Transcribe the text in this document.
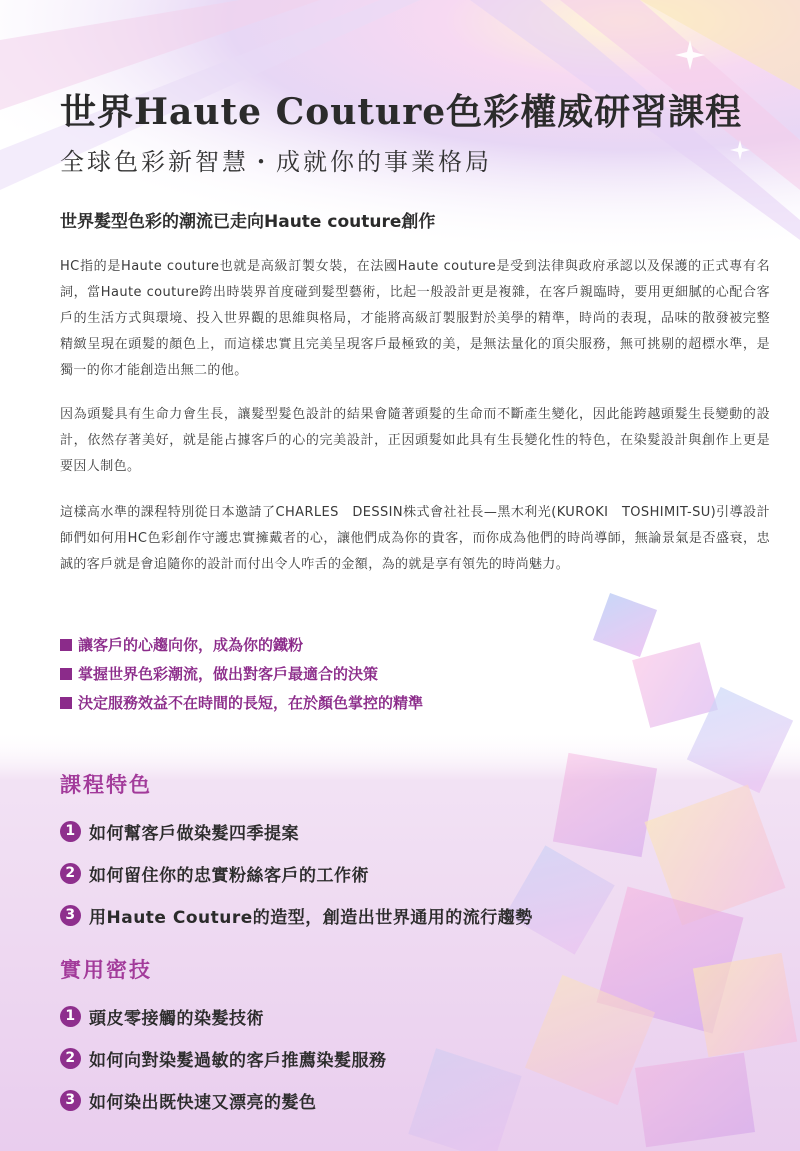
世界Haute Couture色彩權威研習課程
全球色彩新智慧・成就你的事業格局
世界髮型色彩的潮流已走向Haute couture創作
HC指的是Haute couture也就是高級訂製女裝，在法國Haute couture是受到法律與政府承認以及保護的正式專有名詞，當Haute couture跨出時裝界首度碰到髮型藝術，比起一般設計更是複雜，在客戶親臨時，要用更細膩的心配合客戶的生活方式與環境、投入世界觀的思維與格局，才能將高級訂製服對於美學的精準，時尚的表現，品味的散發被完整精緻呈現在頭髮的顏色上，而這樣忠實且完美呈現客戶最極致的美，是無法量化的頂尖服務，無可挑剔的超標水準，是獨一的你才能創造出無二的他。
因為頭髮具有生命力會生長，讓髮型髮色設計的結果會隨著頭髮的生命而不斷產生變化，因此能跨越頭髮生長變動的設計，依然存著美好，就是能占據客戶的心的完美設計，正因頭髮如此具有生長變化性的特色，在染髮設計與創作上更是要因人制色。
這樣高水準的課程特別從日本邀請了CHARLES　DESSIN株式會社社長—黑木利光(KUROKI　TOSHIMIT-SU)引導設計師們如何用HC色彩創作守護忠實擁戴者的心，讓他們成為你的貴客，而你成為他們的時尚導師，無論景氣是否盛衰，忠誠的客戶就是會追隨你的設計而付出令人咋舌的金額，為的就是享有領先的時尚魅力。
讓客戶的心趨向你，成為你的鐵粉
掌握世界色彩潮流，做出對客戶最適合的決策
決定服務效益不在時間的長短，在於顏色掌控的精準
課程特色
1 如何幫客戶做染髮四季提案
2 如何留住你的忠實粉絲客戶的工作術
3 用Haute Couture的造型，創造出世界通用的流行趨勢
實用密技
1 頭皮零接觸的染髮技術
2 如何向對染髮過敏的客戶推薦染髮服務
3 如何染出既快速又漂亮的髮色
